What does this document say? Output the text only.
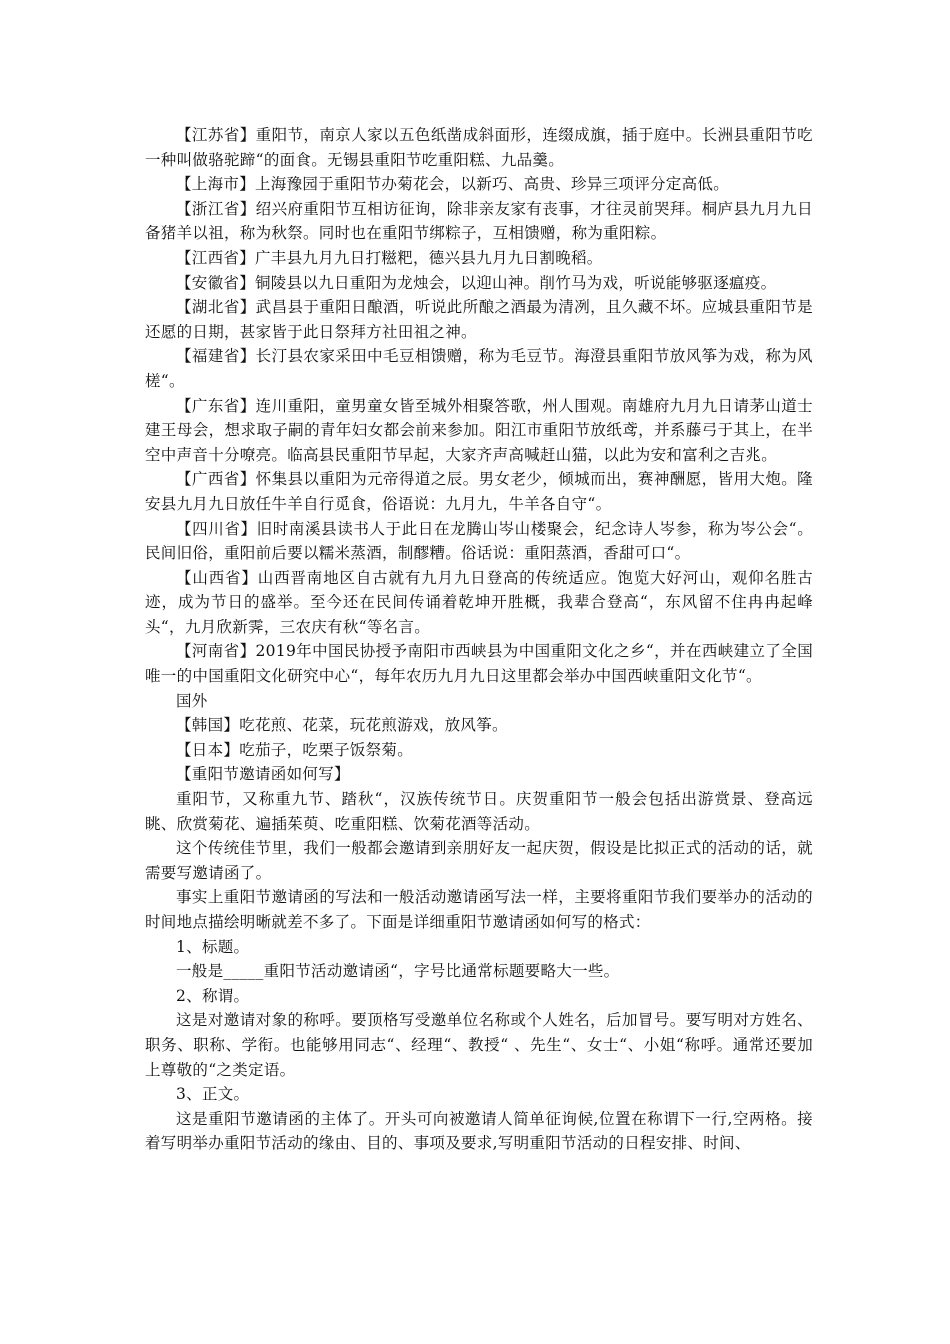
【江苏省】重阳节，南京人家以五色纸凿成斜面形，连缀成旗，插于庭中。长洲县重阳节吃一种叫做骆驼蹄“的面食。无锡县重阳节吃重阳糕、九品羹。

【上海市】上海豫园于重阳节办菊花会，以新巧、高贵、珍异三项评分定高低。

【浙江省】绍兴府重阳节互相访征询，除非亲友家有丧事，才往灵前哭拜。桐庐县九月九日备猪羊以祖，称为秋祭。同时也在重阳节绑粽子，互相馈赠，称为重阳粽。

【江西省】广丰县九月九日打糍粑，德兴县九月九日割晚稻。

【安徽省】铜陵县以九日重阳为龙烛会，以迎山神。削竹马为戏，听说能够驱逐瘟疫。

【湖北省】武昌县于重阳日酿酒，听说此所酿之酒最为清冽，且久藏不坏。应城县重阳节是还愿的日期，甚家皆于此日祭拜方社田祖之神。

【福建省】长汀县农家采田中毛豆相馈赠，称为毛豆节。海澄县重阳节放风筝为戏，称为风槎“。

【广东省】连川重阳，童男童女皆至城外相聚答歌，州人围观。南雄府九月九日请茅山道士建王母会，想求取子嗣的青年妇女都会前来参加。阳江市重阳节放纸鸢，并系藤弓于其上，在半空中声音十分嘹亮。临高县民重阳节早起，大家齐声高喊赶山猫，以此为安和富利之吉兆。

【广西省】怀集县以重阳为元帝得道之辰。男女老少，倾城而出，赛神酬愿，皆用大炮。隆安县九月九日放任牛羊自行觅食，俗语说：九月九，牛羊各自守“。

【四川省】旧时南溪县读书人于此日在龙腾山岑山楼聚会，纪念诗人岑参，称为岑公会“。民间旧俗，重阳前后要以糯米蒸酒，制醪糟。俗话说：重阳蒸酒，香甜可口“。

【山西省】山西晋南地区自古就有九月九日登高的传统适应。饱览大好河山，观仰名胜古迹，成为节日的盛举。至今还在民间传诵着乾坤开胜概，我辈合登高“，东风留不住冉冉起峰头“，九月欣新霁，三农庆有秋“等名言。

【河南省】2019年中国民协授予南阳市西峡县为中国重阳文化之乡“，并在西峡建立了全国唯一的中国重阳文化研究中心“，每年农历九月九日这里都会举办中国西峡重阳文化节“。

国外

【韩国】吃花煎、花菜，玩花煎游戏，放风筝。

【日本】吃茄子，吃栗子饭祭菊。

【重阳节邀请函如何写】

重阳节，又称重九节、踏秋“，汉族传统节日。庆贺重阳节一般会包括出游赏景、登高远眺、欣赏菊花、遍插茱萸、吃重阳糕、饮菊花酒等活动。

这个传统佳节里，我们一般都会邀请到亲朋好友一起庆贺，假设是比拟正式的活动的话，就需要写邀请函了。

事实上重阳节邀请函的写法和一般活动邀请函写法一样，主要将重阳节我们要举办的活动的时间地点描绘明晰就差不多了。下面是详细重阳节邀请函如何写的格式：

1、标题。

一般是_____重阳节活动邀请函“，字号比通常标题要略大一些。

2、称谓。

这是对邀请对象的称呼。要顶格写受邀单位名称或个人姓名，后加冒号。要写明对方姓名、职务、职称、学衔。也能够用同志“、经理“、教授“ 、先生“、女士“、小姐“称呼。通常还要加上尊敬的“之类定语。

3、正文。

这是重阳节邀请函的主体了。开头可向被邀请人简单征询候,位置在称谓下一行,空两格。接着写明举办重阳节活动的缘由、目的、事项及要求,写明重阳节活动的日程安排、时间、
